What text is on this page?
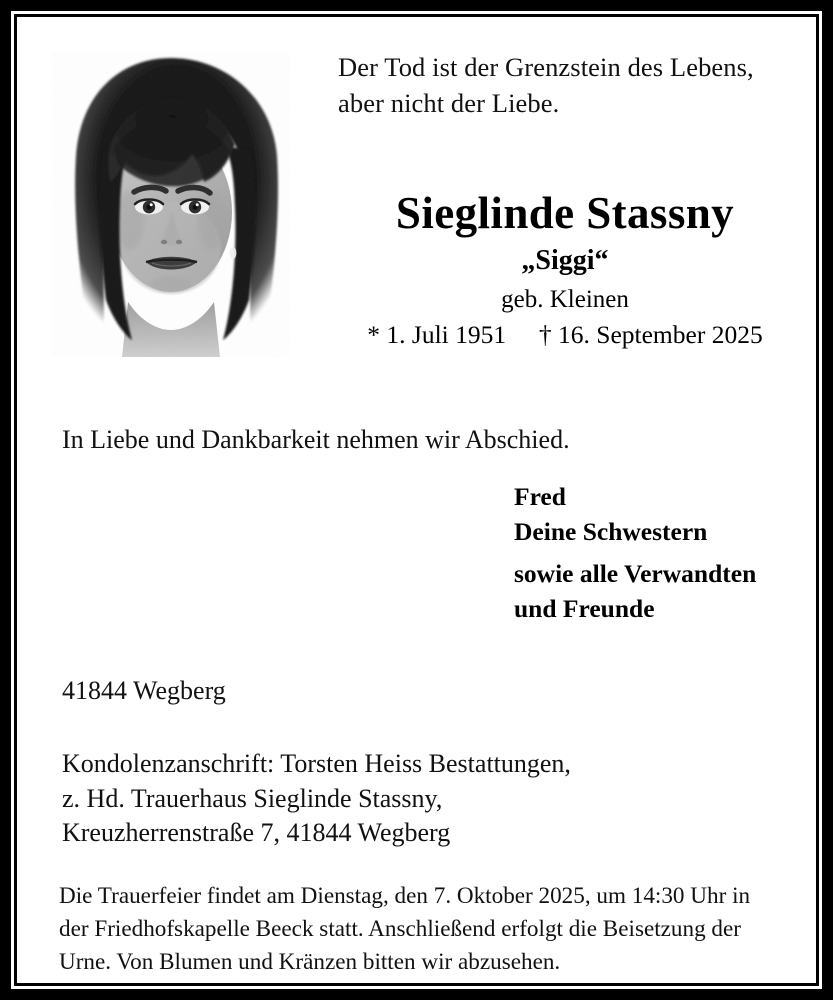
Der Tod ist der Grenzstein des Lebens,
aber nicht der Liebe.
Sieglinde Stassny
„Siggi“
geb. Kleinen
* 1. Juli 1951 † 16. September 2025
In Liebe und Dankbarkeit nehmen wir Abschied.
Fred
Deine Schwestern
sowie alle Verwandten
und Freunde
41844 Wegberg
Kondolenzanschrift: Torsten Heiss Bestattungen,
z. Hd. Trauerhaus Sieglinde Stassny,
Kreuzherrenstraße 7, 41844 Wegberg
Die Trauerfeier findet am Dienstag, den 7. Oktober 2025, um 14:30 Uhr in
der Friedhofskapelle Beeck statt. Anschließend erfolgt die Beisetzung der
Urne. Von Blumen und Kränzen bitten wir abzusehen.
